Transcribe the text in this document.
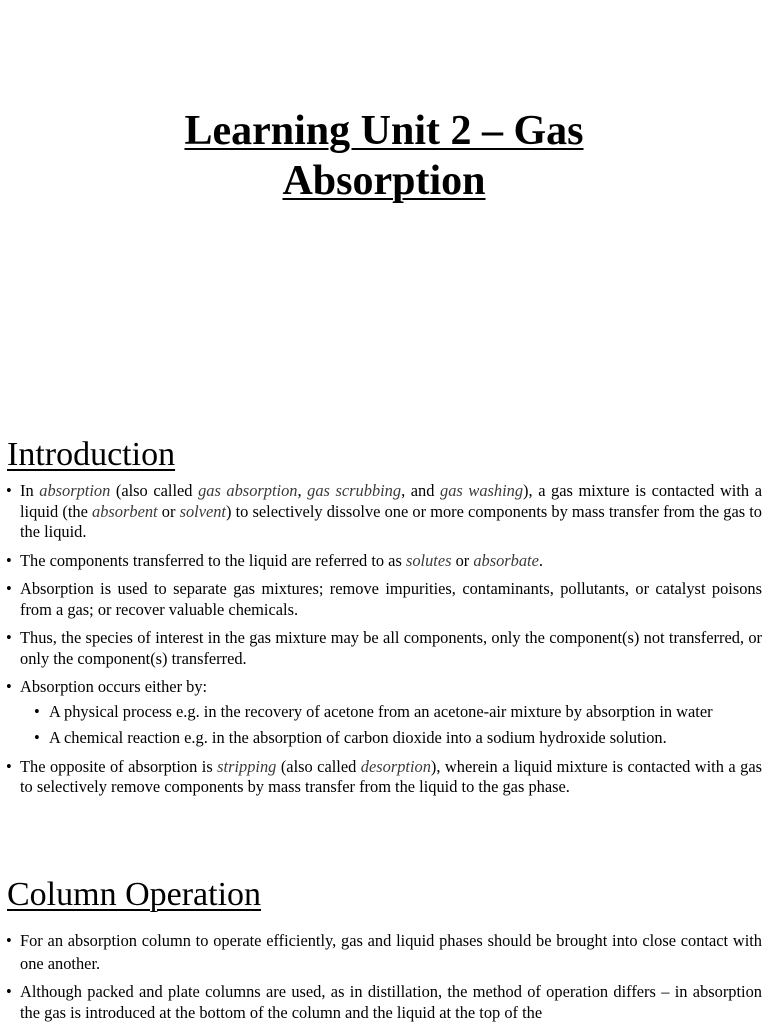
Learning Unit 2 – Gas
Absorption
Introduction
• In absorption (also called gas absorption, gas scrubbing, and gas washing), a gas mixture is contacted with a liquid (the absorbent or solvent) to selectively dissolve one or more components by mass transfer from the gas to the liquid.
• The components transferred to the liquid are referred to as solutes or absorbate.
• Absorption is used to separate gas mixtures; remove impurities, contaminants, pollutants, or catalyst poisons from a gas; or recover valuable chemicals.
• Thus, the species of interest in the gas mixture may be all components, only the component(s) not transferred, or only the component(s) transferred.
• Absorption occurs either by:
• A physical process e.g. in the recovery of acetone from an acetone-air mixture by absorption in water
• A chemical reaction e.g. in the absorption of carbon dioxide into a sodium hydroxide solution.
• The opposite of absorption is stripping (also called desorption), wherein a liquid mixture is contacted with a gas to selectively remove components by mass transfer from the liquid to the gas phase.
Column Operation
• For an absorption column to operate efficiently, gas and liquid phases should be brought into close contact with one another.
• Although packed and plate columns are used, as in distillation, the method of operation differs – in absorption the gas is introduced at the bottom of the column and the liquid at the top of the
